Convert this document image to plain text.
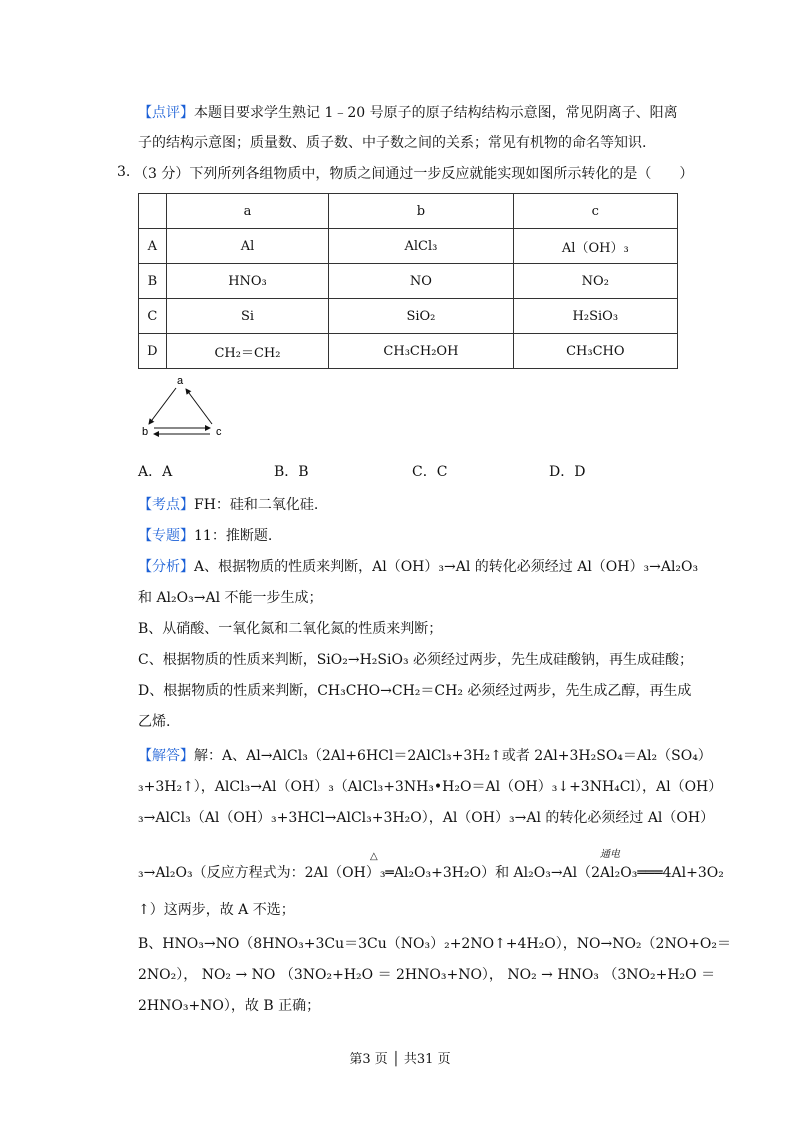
【点评】本题目要求学生熟记 1﹣20 号原子的原子结构结构示意图，常见阴离子、阳离
子的结构示意图；质量数、质子数、中子数之间的关系；常见有机物的命名等知识.
3. （3 分）下列所列各组物质中，物质之间通过一步反应就能实现如图所示转化的是（　　）
	a	b	c
A	Al	AlCl₃	Al（OH）₃
B	HNO₃	NO	NO₂
C	Si	SiO₂	H₂SiO₃
D	CH₂＝CH₂	CH₃CH₂OH	CH₃CHO
a
b	c
A．A	B．B	C．C	D．D
【考点】FH：硅和二氧化硅.
【专题】11：推断题.
【分析】A、根据物质的性质来判断，Al（OH）₃→Al 的转化必须经过 Al（OH）₃→Al₂O₃
和 Al₂O₃→Al 不能一步生成；
B、从硝酸、一氧化氮和二氧化氮的性质来判断；
C、根据物质的性质来判断，SiO₂→H₂SiO₃ 必须经过两步，先生成硅酸钠，再生成硅酸；
D、根据物质的性质来判断，CH₃CHO→CH₂＝CH₂ 必须经过两步，先生成乙醇，再生成
乙烯.
【解答】解：A、Al→AlCl₃（2Al+6HCl＝2AlCl₃+3H₂↑或者 2Al+3H₂SO₄＝Al₂（SO₄）
₃+3H₂↑），AlCl₃→Al（OH）₃（AlCl₃+3NH₃•H₂O＝Al（OH）₃↓+3NH₄Cl），Al（OH）
₃→AlCl₃（Al（OH）₃+3HCl→AlCl₃+3H₂O），Al（OH）₃→Al 的转化必须经过 Al（OH）
△	通电
₃→Al₂O₃（反应方程式为：2Al（OH）₃═Al₂O₃+3H₂O）和 Al₂O₃→Al（2Al₂O₃═══4Al+3O₂
↑）这两步，故 A 不选；
B、HNO₃→NO（8HNO₃+3Cu＝3Cu（NO₃）₂+2NO↑+4H₂O），NO→NO₂（2NO+O₂＝
2NO₂）， NO₂ → NO （3NO₂+H₂O ＝ 2HNO₃+NO）， NO₂ → HNO₃ （3NO₂+H₂O ＝
2HNO₃+NO），故 B 正确；
第3 页 │ 共31 页
